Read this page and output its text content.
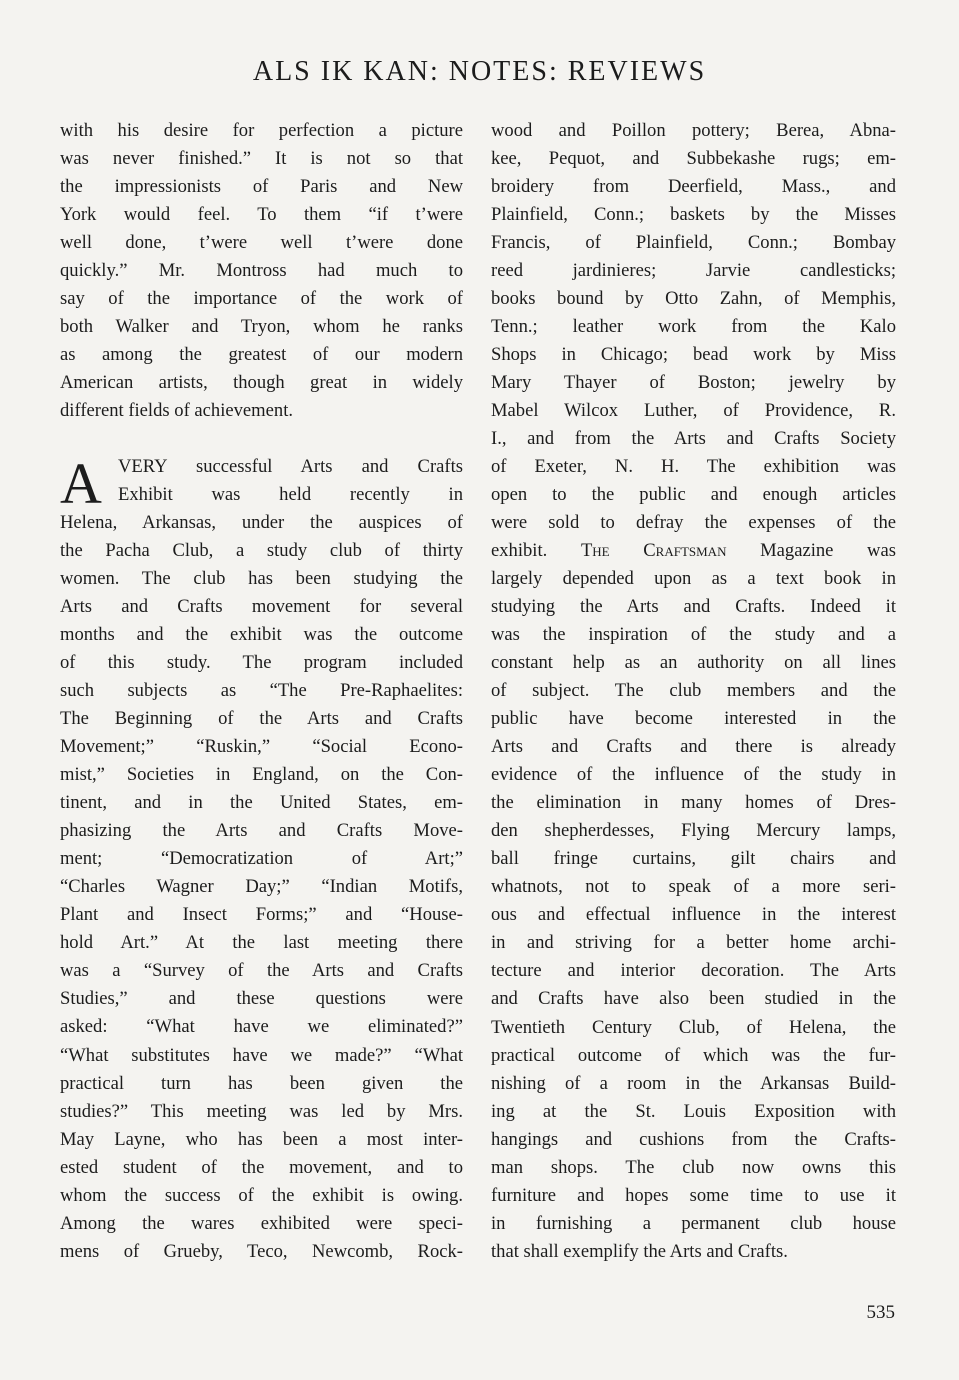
ALS IK KAN: NOTES: REVIEWS
with his desire for perfection a picture
was never finished.” It is not so that
the impressionists of Paris and New
York would feel. To them “if t’were
well done, t’were well t’were done
quickly.” Mr. Montross had much to
say of the importance of the work of
both Walker and Tryon, whom he ranks
as among the greatest of our modern
American artists, though great in widely
different fields of achievement.
A VERY successful Arts and Crafts
Exhibit was held recently in
Helena, Arkansas, under the auspices of
the Pacha Club, a study club of thirty
women. The club has been studying the
Arts and Crafts movement for several
months and the exhibit was the outcome
of this study. The program included
such subjects as “The Pre-Raphaelites:
The Beginning of the Arts and Crafts
Movement;” “Ruskin,” “Social Econo-
mist,” Societies in England, on the Con-
tinent, and in the United States, em-
phasizing the Arts and Crafts Move-
ment; “Democratization of Art;”
“Charles Wagner Day;” “Indian Motifs,
Plant and Insect Forms;” and “House-
hold Art.” At the last meeting there
was a “Survey of the Arts and Crafts
Studies,” and these questions were
asked: “What have we eliminated?”
“What substitutes have we made?” “What
practical turn has been given the
studies?” This meeting was led by Mrs.
May Layne, who has been a most inter-
ested student of the movement, and to
whom the success of the exhibit is owing.
Among the wares exhibited were speci-
mens of Grueby, Teco, Newcomb, Rock-
wood and Poillon pottery; Berea, Abna-
kee, Pequot, and Subbekashe rugs; em-
broidery from Deerfield, Mass., and
Plainfield, Conn.; baskets by the Misses
Francis, of Plainfield, Conn.; Bombay
reed jardinieres; Jarvie candlesticks;
books bound by Otto Zahn, of Memphis,
Tenn.; leather work from the Kalo
Shops in Chicago; bead work by Miss
Mary Thayer of Boston; jewelry by
Mabel Wilcox Luther, of Providence, R.
I., and from the Arts and Crafts Society
of Exeter, N. H. The exhibition was
open to the public and enough articles
were sold to defray the expenses of the
exhibit. The Craftsman Magazine was
largely depended upon as a text book in
studying the Arts and Crafts. Indeed it
was the inspiration of the study and a
constant help as an authority on all lines
of subject. The club members and the
public have become interested in the
Arts and Crafts and there is already
evidence of the influence of the study in
the elimination in many homes of Dres-
den shepherdesses, Flying Mercury lamps,
ball fringe curtains, gilt chairs and
whatnots, not to speak of a more seri-
ous and effectual influence in the interest
in and striving for a better home archi-
tecture and interior decoration. The Arts
and Crafts have also been studied in the
Twentieth Century Club, of Helena, the
practical outcome of which was the fur-
nishing of a room in the Arkansas Build-
ing at the St. Louis Exposition with
hangings and cushions from the Crafts-
man shops. The club now owns this
furniture and hopes some time to use it
in furnishing a permanent club house
that shall exemplify the Arts and Crafts.
535
